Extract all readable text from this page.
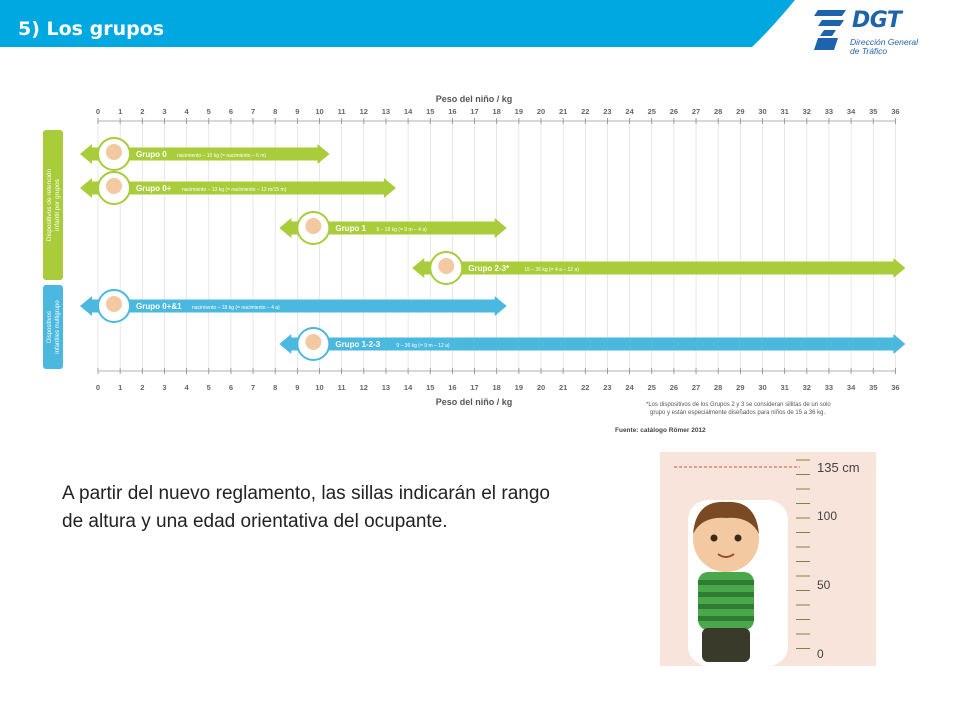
5) Los grupos	DGT
Dirección General
de Tráfico
0 1 2 3 4 5 6 7 8 9 10 11 12 13 14 15 16 17 18 19 20 21 22 23 24 25 26 27 28 29 30 31 32 33 34 35 36
0 1 2 3 4 5 6 7 8 9 10 11 12 13 14 15 16 17 18 19 20 21 22 23 24 25 26 27 28 29 30 31 32 33 34 35 36
Peso del niño / kg
Peso del niño / kg
Dispositivos de retención infantil por grupos
Dispositivos infantiles multigrupo
Grupo 0 nacimiento – 10 kg (= nacimiento – 6 m)
Grupo 0+ nacimiento – 13 kg (= nacimiento – 12 m/15 m)
Grupo 1 9 – 18 kg (= 9 m – 4 a)
Grupo 2-3*	15 – 36 kg (= 4 a – 12 a)
Grupo 0+&1 nacimiento – 18 kg (= nacimiento – 4 a)
Grupo 1-2-3	9 – 36 kg (= 9 m – 12 a)
*Los dispositivos de los Grupos 2 y 3 se consideran sillitas de un solo
grupo y están especialmente diseñados para niños de 15 a 36 kg.
Fuente: catálogo Römer 2012
A partir del nuevo reglamento, las sillas indicarán el rango de altura y una edad orientativa del ocupante.
135 cm
100
50
0
